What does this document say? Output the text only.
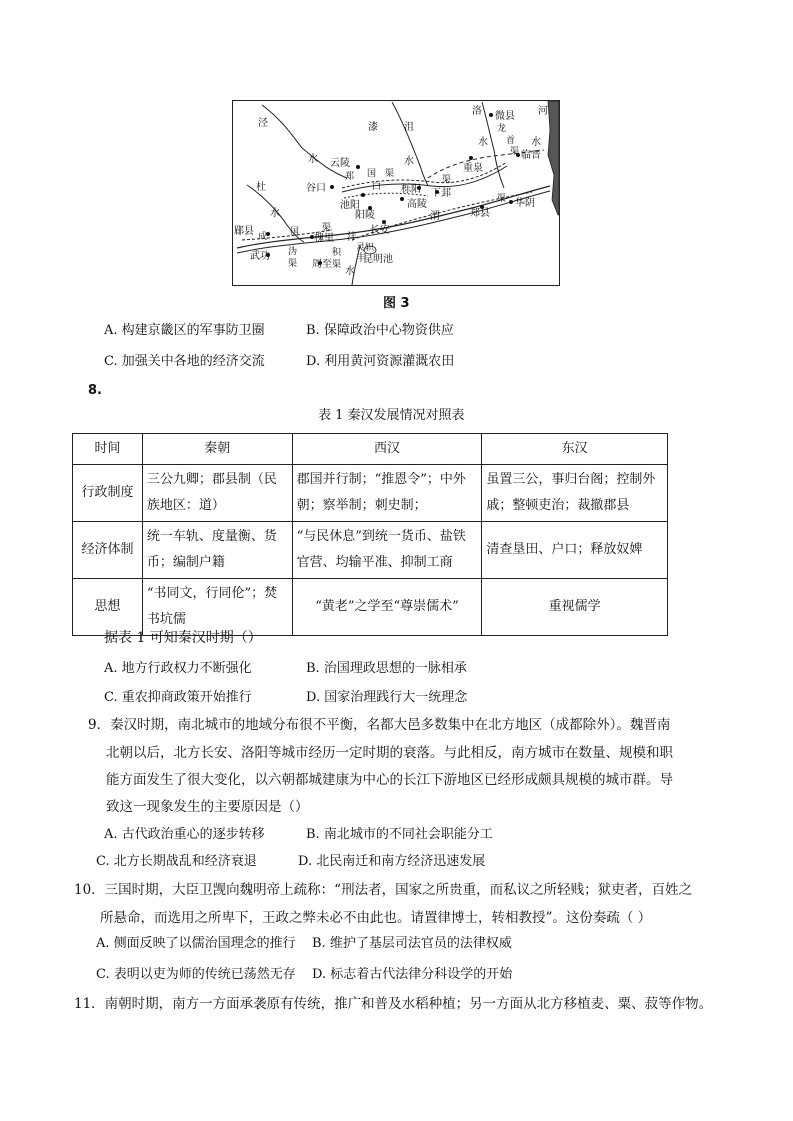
泾
水
漆	沮
水
洛
水
河
水
微县
龙
首
渠 临晋
重泉
云陵
郑 国 渠
谷口	白 栎阳
渠
下邽
池阳	高陵
杜
水	阳陵
长安
渭	郑县
渠 华阴
郿县 成	国	渠
槐里 沣
灵轵
武功 沩
渠 周至
积
渠
丰
水
昆明池
图 3
A. 构建京畿区的军事防卫圈	B. 保障政治中心物资供应
C. 加强关中各地的经济交流	D. 利用黄河资源灌溉农田
8.
表 1 秦汉发展情况对照表
时间	秦朝	西汉	东汉
行政制度	三公九卿；郡县制（民族地区：道）	郡国并行制；“推恩令”；中外朝；察举制；刺史制；	虽置三公，事归台阁；控制外戚；整顿吏治；裁撤郡县
经济体制	统一车轨、度量衡、货币；编制户籍	“与民休息”到统一货币、盐铁官营、均输平准、抑制工商	清查垦田、户口；释放奴婢
思想	“书同文，行同伦”；焚书坑儒	“黄老”之学至“尊崇儒术”	重视儒学
据表 1 可知秦汉时期（）
A. 地方行政权力不断强化	B. 治国理政思想的一脉相承
C. 重农抑商政策开始推行	D. 国家治理践行大一统理念
9．秦汉时期，南北城市的地域分布很不平衡，名都大邑多数集中在北方地区（成都除外）。魏晋南
北朝以后，北方长安、洛阳等城市经历一定时期的衰落。与此相反，南方城市在数量、规模和职
能方面发生了很大变化，以六朝都城建康为中心的长江下游地区已经形成颇具规模的城市群。导
致这一现象发生的主要原因是（）
A. 古代政治重心的逐步转移	B. 南北城市的不同社会职能分工
C. 北方长期战乱和经济衰退	D. 北民南迁和南方经济迅速发展
10．三国时期，大臣卫觊向魏明帝上疏称：“刑法者，国家之所贵重，而私议之所轻贱；狱吏者，百姓之
所悬命，而选用之所卑下，王政之弊未必不由此也。请置律博士，转相教授”。这份奏疏（ ）
A. 侧面反映了以儒治国理念的推行 B. 维护了基层司法官员的法律权威
C. 表明以吏为师的传统已荡然无存 D. 标志着古代法律分科设学的开始
11．南朝时期，南方一方面承袭原有传统，推广和普及水稻种植；另一方面从北方移植麦、粟、菽等作物。
